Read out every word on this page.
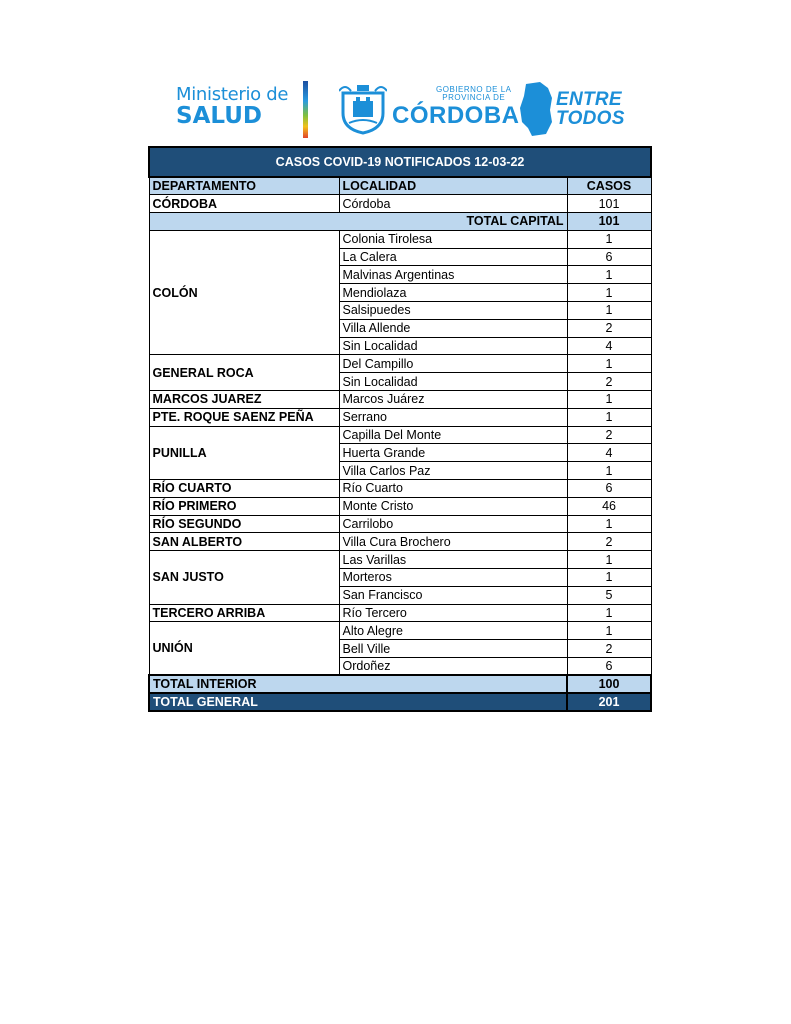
Ministerio de
SALUD
GOBIERNO DE LA
PROVINCIA DE
CÓRDOBA
ENTRE
TODOS
CASOS COVID-19 NOTIFICADOS 12-03-22		
DEPARTAMENTO	LOCALIDAD	CASOS
CÓRDOBA	Córdoba	101
	TOTAL CAPITAL	101
COLÓN	Colonia Tirolesa	1
	La Calera	6
	Malvinas Argentinas	1
	Mendiolaza	1
	Salsipuedes	1
	Villa Allende	2
	Sin Localidad	4
GENERAL ROCA	Del Campillo	1
	Sin Localidad	2
MARCOS JUAREZ	Marcos Juárez	1
PTE. ROQUE SAENZ PEÑA	Serrano	1
PUNILLA	Capilla Del Monte	2
	Huerta Grande	4
	Villa Carlos Paz	1
RÍO CUARTO	Río Cuarto	6
RÍO PRIMERO	Monte Cristo	46
RÍO SEGUNDO	Carrilobo	1
SAN ALBERTO	Villa Cura Brochero	2
SAN JUSTO	Las Varillas	1
	Morteros	1
	San Francisco	5
TERCERO ARRIBA	Río Tercero	1
UNIÓN	Alto Alegre	1
	Bell Ville	2
	Ordoñez	6
TOTAL INTERIOR		100
TOTAL GENERAL		201
